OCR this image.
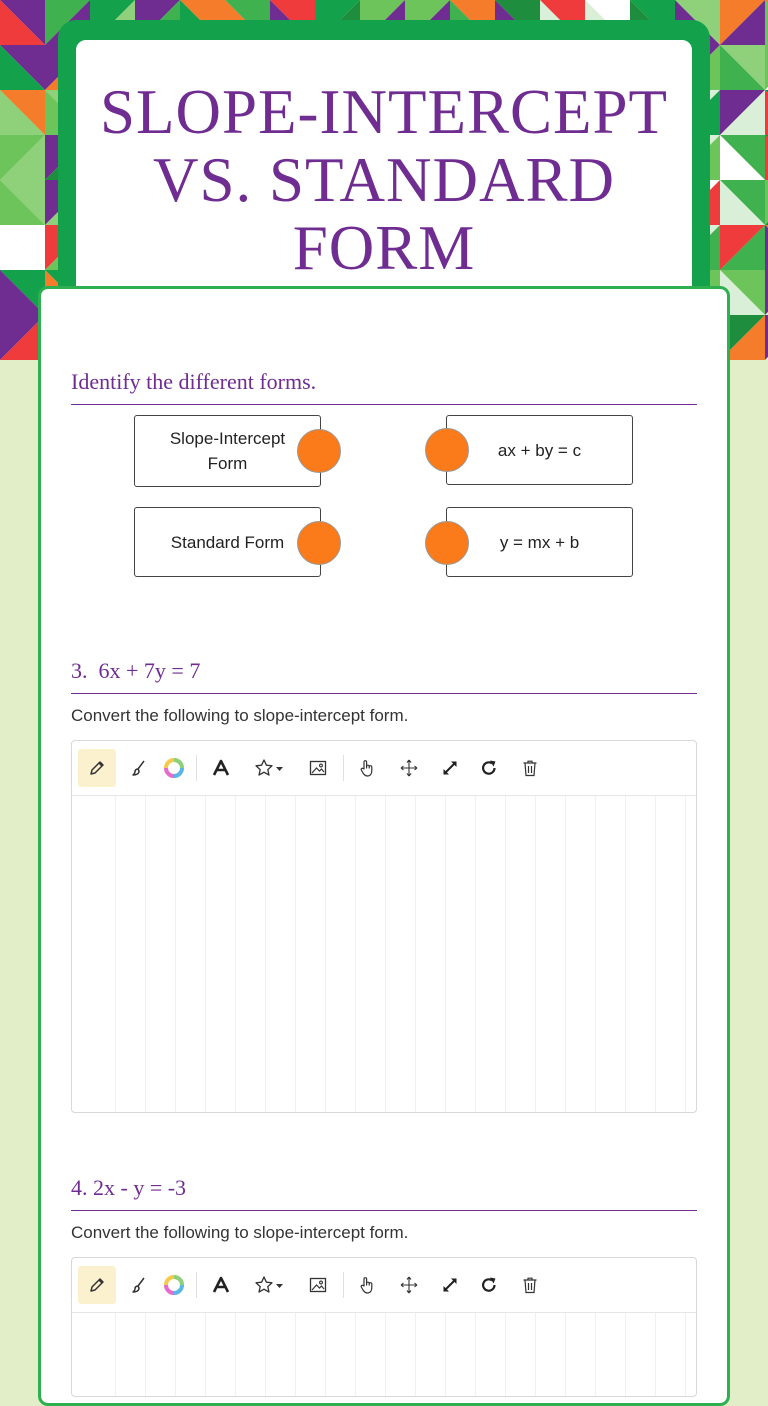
SLOPE-INTERCEPT VS. STANDARD FORM
Identify the different forms.
Slope-Intercept Form
ax + by = c
Standard Form	y = mx + b
3.  6x + 7y = 7
Convert the following to slope-intercept form.
4. 2x - y = -3
Convert the following to slope-intercept form.
